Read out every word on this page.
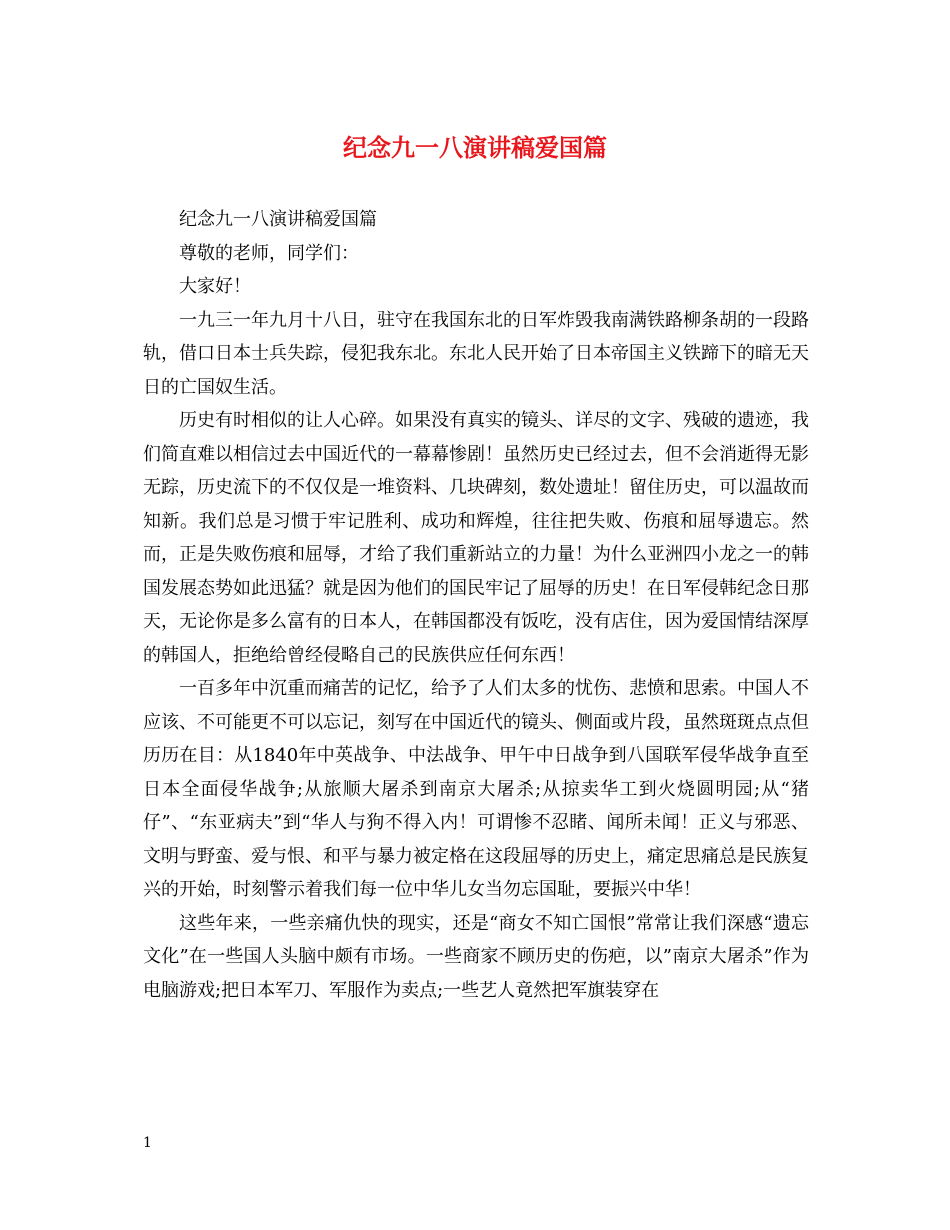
纪念九一八演讲稿爱国篇

纪念九一八演讲稿爱国篇

尊敬的老师，同学们：

大家好！

一九三一年九月十八日，驻守在我国东北的日军炸毁我南满铁路柳条胡的一段路轨，借口日本士兵失踪，侵犯我东北。东北人民开始了日本帝国主义铁蹄下的暗无天日的亡国奴生活。

历史有时相似的让人心碎。如果没有真实的镜头、详尽的文字、残破的遗迹，我们简直难以相信过去中国近代的一幕幕惨剧！虽然历史已经过去，但不会消逝得无影无踪，历史流下的不仅仅是一堆资料、几块碑刻，数处遗址！留住历史，可以温故而知新。我们总是习惯于牢记胜利、成功和辉煌，往往把失败、伤痕和屈辱遗忘。然而，正是失败伤痕和屈辱，才给了我们重新站立的力量！为什么亚洲四小龙之一的韩国发展态势如此迅猛？就是因为他们的国民牢记了屈辱的历史！在日军侵韩纪念日那天，无论你是多么富有的日本人，在韩国都没有饭吃，没有店住，因为爱国情结深厚的韩国人，拒绝给曾经侵略自己的民族供应任何东西！

一百多年中沉重而痛苦的记忆，给予了人们太多的忧伤、悲愤和思索。中国人不应该、不可能更不可以忘记，刻写在中国近代的镜头、侧面或片段，虽然斑斑点点但历历在目：从1840年中英战争、中法战争、甲午中日战争到八国联军侵华战争直至日本全面侵华战争;从旅顺大屠杀到南京大屠杀;从掠卖华工到火烧圆明园;从“猪仔”、“东亚病夫”到“华人与狗不得入内！可谓惨不忍睹、闻所未闻！正义与邪恶、文明与野蛮、爱与恨、和平与暴力被定格在这段屈辱的历史上，痛定思痛总是民族复兴的开始，时刻警示着我们每一位中华儿女当勿忘国耻，要振兴中华！

这些年来，一些亲痛仇快的现实，还是“商女不知亡国恨”常常让我们深感“遗忘文化”在一些国人头脑中颇有市场。一些商家不顾历史的伤疤，以”南京大屠杀”作为电脑游戏;把日本军刀、军服作为卖点;一些艺人竟然把军旗装穿在

1
